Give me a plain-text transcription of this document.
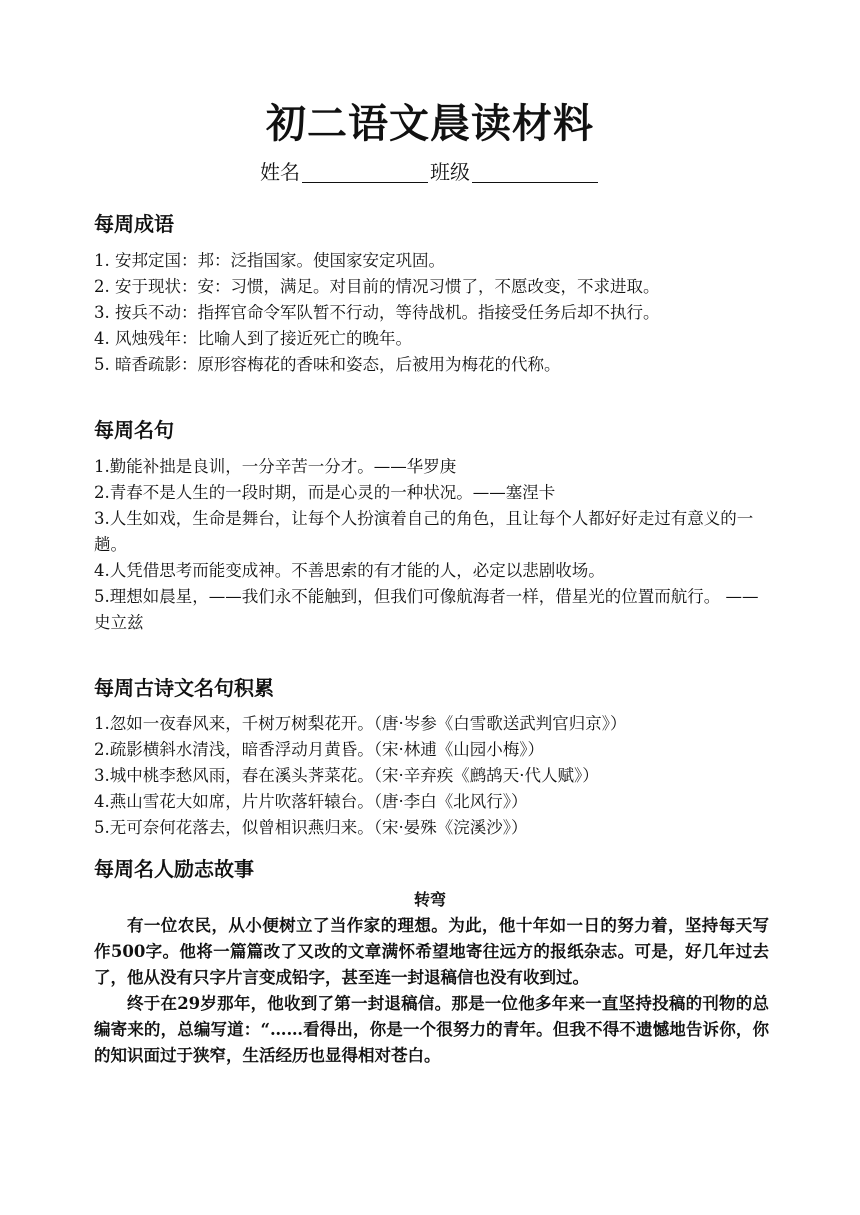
初二语文晨读材料
姓名	班级
每周成语
1. 安邦定国：邦：泛指国家。使国家安定巩固。
2. 安于现状：安：习惯，满足。对目前的情况习惯了，不愿改变，不求进取。
3. 按兵不动：指挥官命令军队暂不行动，等待战机。指接受任务后却不执行。
4. 风烛残年：比喻人到了接近死亡的晚年。
5. 暗香疏影：原形容梅花的香味和姿态，后被用为梅花的代称。
每周名句
1.勤能补拙是良训，一分辛苦一分才。——华罗庚
2.青春不是人生的一段时期，而是心灵的一种状况。——塞涅卡
3.人生如戏，生命是舞台，让每个人扮演着自己的角色，且让每个人都好好走过有意义的一趟。
4.人凭借思考而能变成神。不善思索的有才能的人，必定以悲剧收场。
5.理想如晨星，——我们永不能触到，但我们可像航海者一样，借星光的位置而航行。 ——史立兹
每周古诗文名句积累
1.忽如一夜春风来，千树万树梨花开。（唐·岑参《白雪歌送武判官归京》）
2.疏影横斜水清浅，暗香浮动月黄昏。（宋·林逋《山园小梅》）
3.城中桃李愁风雨，春在溪头荠菜花。（宋·辛弃疾《鹧鸪天·代人赋》）
4.燕山雪花大如席，片片吹落轩辕台。（唐·李白《北风行》）
5.无可奈何花落去，似曾相识燕归来。（宋·晏殊《浣溪沙》）
每周名人励志故事
转弯

有一位农民，从小便树立了当作家的理想。为此，他十年如一日的努力着，坚持每天写作500字。他将一篇篇改了又改的文章满怀希望地寄往远方的报纸杂志。可是，好几年过去了，他从没有只字片言变成铅字，甚至连一封退稿信也没有收到过。

终于在29岁那年，他收到了第一封退稿信。那是一位他多年来一直坚持投稿的刊物的总编寄来的，总编写道：“……看得出，你是一个很努力的青年。但我不得不遗憾地告诉你，你的知识面过于狭窄，生活经历也显得相对苍白。
